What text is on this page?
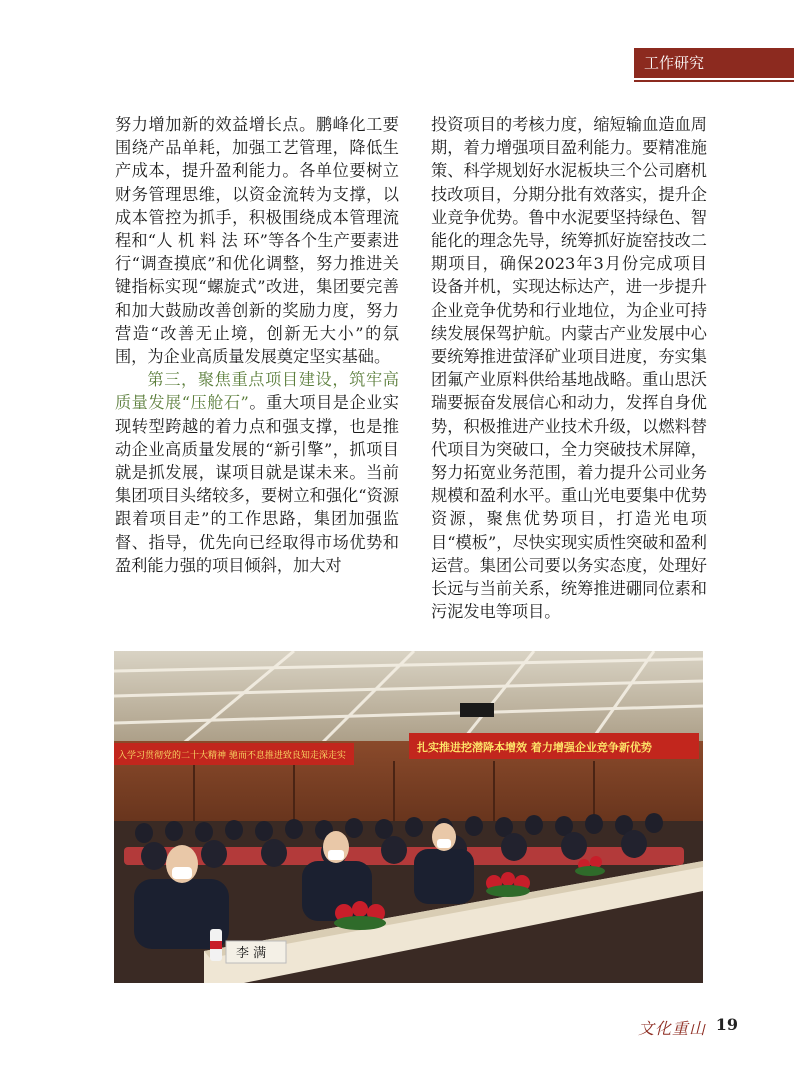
工作研究

努力增加新的效益增长点。鹏峰化工要围绕产品单耗，加强工艺管理，降低生产成本，提升盈利能力。各单位要树立财务管理思维，以资金流转为支撑，以成本管控为抓手，积极围绕成本管理流程和“人 机 料 法 环”等各个生产要素进行“调查摸底”和优化调整，努力推进关键指标实现“螺旋式”改进，集团要完善和加大鼓励改善创新的奖励力度，努力营造“改善无止境，创新无大小”的氛围，为企业高质量发展奠定坚实基础。

第三，聚焦重点项目建设，筑牢高质量发展“压舱石”。重大项目是企业实现转型跨越的着力点和强支撑，也是推动企业高质量发展的“新引擎”，抓项目就是抓发展，谋项目就是谋未来。当前集团项目头绪较多，要树立和强化“资源跟着项目走”的工作思路，集团加强监督、指导，优先向已经取得市场优势和盈利能力强的项目倾斜，加大对

投资项目的考核力度，缩短输血造血周期，着力增强项目盈利能力。要精准施策、科学规划好水泥板块三个公司磨机技改项目，分期分批有效落实，提升企业竞争优势。鲁中水泥要坚持绿色、智能化的理念先导，统筹抓好旋窑技改二期项目，确保2023年3月份完成项目设备并机，实现达标达产，进一步提升企业竞争优势和行业地位，为企业可持续发展保驾护航。内蒙古产业发展中心要统筹推进萤泽矿业项目进度，夯实集团氟产业原料供给基地战略。重山思沃瑞要振奋发展信心和动力，发挥自身优势，积极推进产业技术升级，以燃料替代项目为突破口，全力突破技术屏障，努力拓宽业务范围，着力提升公司业务规模和盈利水平。重山光电要集中优势资源，聚焦优势项目，打造光电项目“模板”，尽快实现实质性突破和盈利运营。集团公司要以务实态度，处理好长远与当前关系，统筹推进硼同位素和污泥发电等项目。

入学习贯彻党的二十大精神 驰而不息推进致良知走深走实
扎实推进挖潜降本增效 着力增强企业竞争新优势
李 满
文化重山 19
